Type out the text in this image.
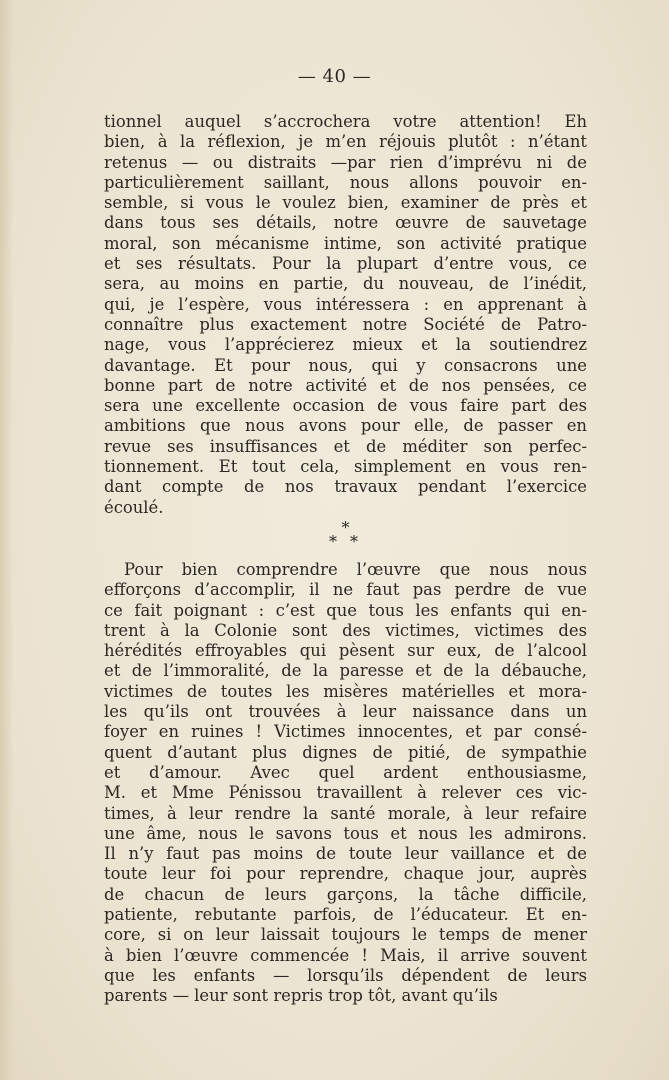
— 40 —
tionnel auquel s’accrochera votre attention! Eh
bien, à la réflexion, je m’en réjouis plutôt : n’étant
retenus — ou distraits —par rien d’imprévu ni de
particulièrement saillant, nous allons pouvoir en-
semble, si vous le voulez bien, examiner de près et
dans tous ses détails, notre œuvre de sauvetage
moral, son mécanisme intime, son activité pratique
et ses résultats. Pour la plupart d’entre vous, ce
sera, au moins en partie, du nouveau, de l’inédit,
qui, je l’espère, vous intéressera : en apprenant à
connaître plus exactement notre Société de Patro-
nage, vous l’apprécierez mieux et la soutiendrez
davantage. Et pour nous, qui y consacrons une
bonne part de notre activité et de nos pensées, ce
sera une excellente occasion de vous faire part des
ambitions que nous avons pour elle, de passer en
revue ses insuffisances et de méditer son perfec-
tionnement. Et tout cela, simplement en vous ren-
dant compte de nos travaux pendant l’exercice
écoulé.
*
* *
Pour bien comprendre l’œuvre que nous nous
efforçons d’accomplir, il ne faut pas perdre de vue
ce fait poignant : c’est que tous les enfants qui en-
trent à la Colonie sont des victimes, victimes des
hérédités effroyables qui pèsent sur eux, de l’alcool
et de l’immoralité, de la paresse et de la débauche,
victimes de toutes les misères matérielles et mora-
les qu’ils ont trouvées à leur naissance dans un
foyer en ruines ! Victimes innocentes, et par consé-
quent d’autant plus dignes de pitié, de sympathie
et d’amour. Avec quel ardent enthousiasme,
M. et Mme Pénissou travaillent à relever ces vic-
times, à leur rendre la santé morale, à leur refaire
une âme, nous le savons tous et nous les admirons.
Il n’y faut pas moins de toute leur vaillance et de
toute leur foi pour reprendre, chaque jour, auprès
de chacun de leurs garçons, la tâche difficile,
patiente, rebutante parfois, de l’éducateur. Et en-
core, si on leur laissait toujours le temps de mener
à bien l’œuvre commencée ! Mais, il arrive souvent
que les enfants — lorsqu’ils dépendent de leurs
parents — leur sont repris trop tôt, avant qu’ils
